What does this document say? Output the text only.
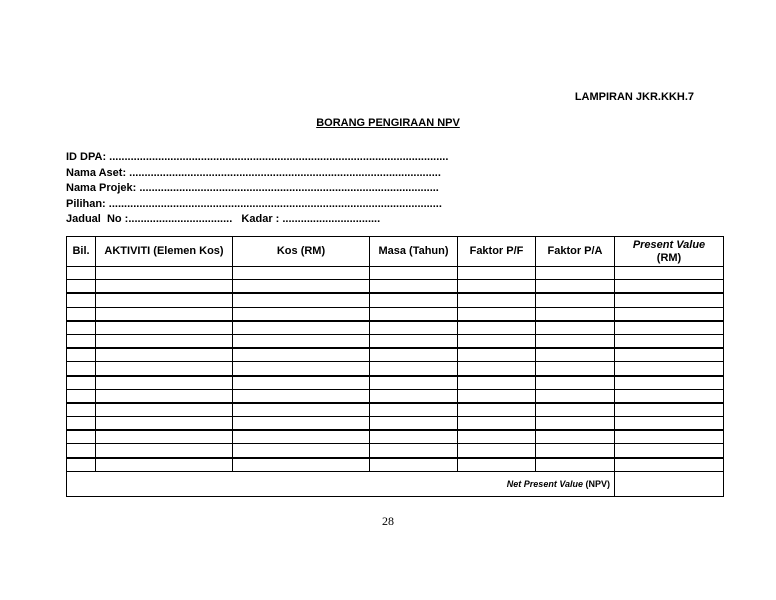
LAMPIRAN JKR.KKH.7
BORANG PENGIRAAN NPV
ID DPA: ...............................................................................................................
Nama Aset: ......................................................................................................
Nama Projek: ..................................................................................................
Pilihan: .............................................................................................................
Jadual  No :..................................   Kadar : ................................
Bil.	AKTIVITI (Elemen Kos)	Kos (RM)	Masa (Tahun)	Faktor P/F	Faktor P/A	Present Value
(RM)

Net Present Value (NPV)						
28
